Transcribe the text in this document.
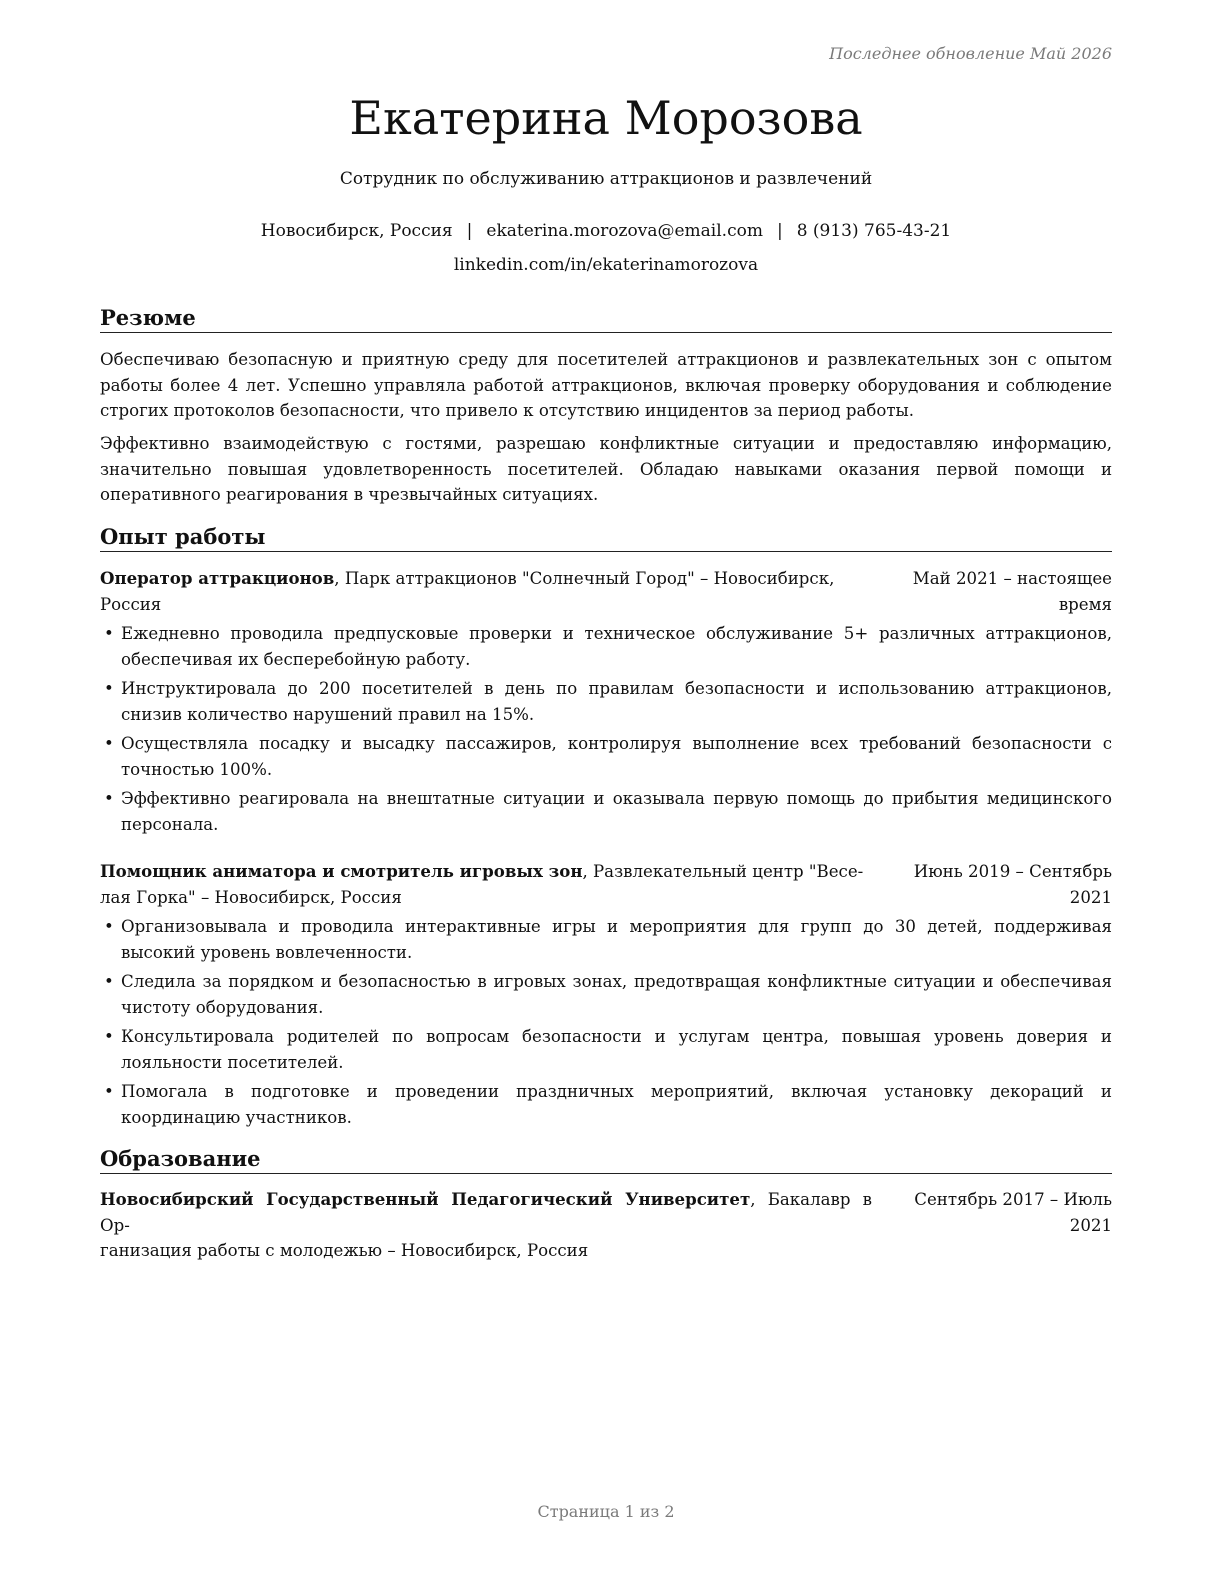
Последнее обновление Май 2026
Екатерина Морозова
Сотрудник по обслуживанию аттракционов и развлечений
Новосибирск, Россия | ekaterina.morozova@email.com | 8 (913) 765-43-21
linkedin.com/in/ekaterinamorozova
Резюме
Обеспечиваю безопасную и приятную среду для посетителей аттракционов и развлекательных зон с опытом работы более 4 лет. Успешно управляла работой аттракционов, включая проверку оборудования и соблюдение строгих протоколов безопасности, что привело к отсутствию инцидентов за период работы.
Эффективно взаимодействую с гостями, разрешаю конфликтные ситуации и предоставляю информацию, значительно повышая удовлетворенность посетителей. Обладаю навыками оказания первой помощи и оперативного реагирования в чрезвычайных ситуациях.
Опыт работы
Оператор аттракционов, Парк аттракционов "Солнечный Город" – Новосибирск,
Россия
Май 2021 – настоящее
время
• Ежедневно проводила предпусковые проверки и техническое обслуживание 5+ различных аттракционов, обеспечивая их бесперебойную работу.
• Инструктировала до 200 посетителей в день по правилам безопасности и использованию аттракционов, снизив количество нарушений правил на 15%.
• Осуществляла посадку и высадку пассажиров, контролируя выполнение всех требований безопасности с точностью 100%.
• Эффективно реагировала на внештатные ситуации и оказывала первую помощь до прибытия медицинского персонала.
Помощник аниматора и смотритель игровых зон, Развлекательный центр "Весе-
лая Горка" – Новосибирск, Россия
Июнь 2019 – Сентябрь
2021
• Организовывала и проводила интерактивные игры и мероприятия для групп до 30 детей, поддерживая высокий уровень вовлеченности.
• Следила за порядком и безопасностью в игровых зонах, предотвращая конфликтные ситуации и обеспечивая чистоту оборудования.
• Консультировала родителей по вопросам безопасности и услугам центра, повышая уровень доверия и лояльности посетителей.
• Помогала в подготовке и проведении праздничных мероприятий, включая установку декораций и координацию участников.
Образование
Новосибирский Государственный Педагогический Университет, Бакалавр в Ор-
ганизация работы с молодежью – Новосибирск, Россия
Сентябрь 2017 – Июль
2021
Страница 1 из 2
